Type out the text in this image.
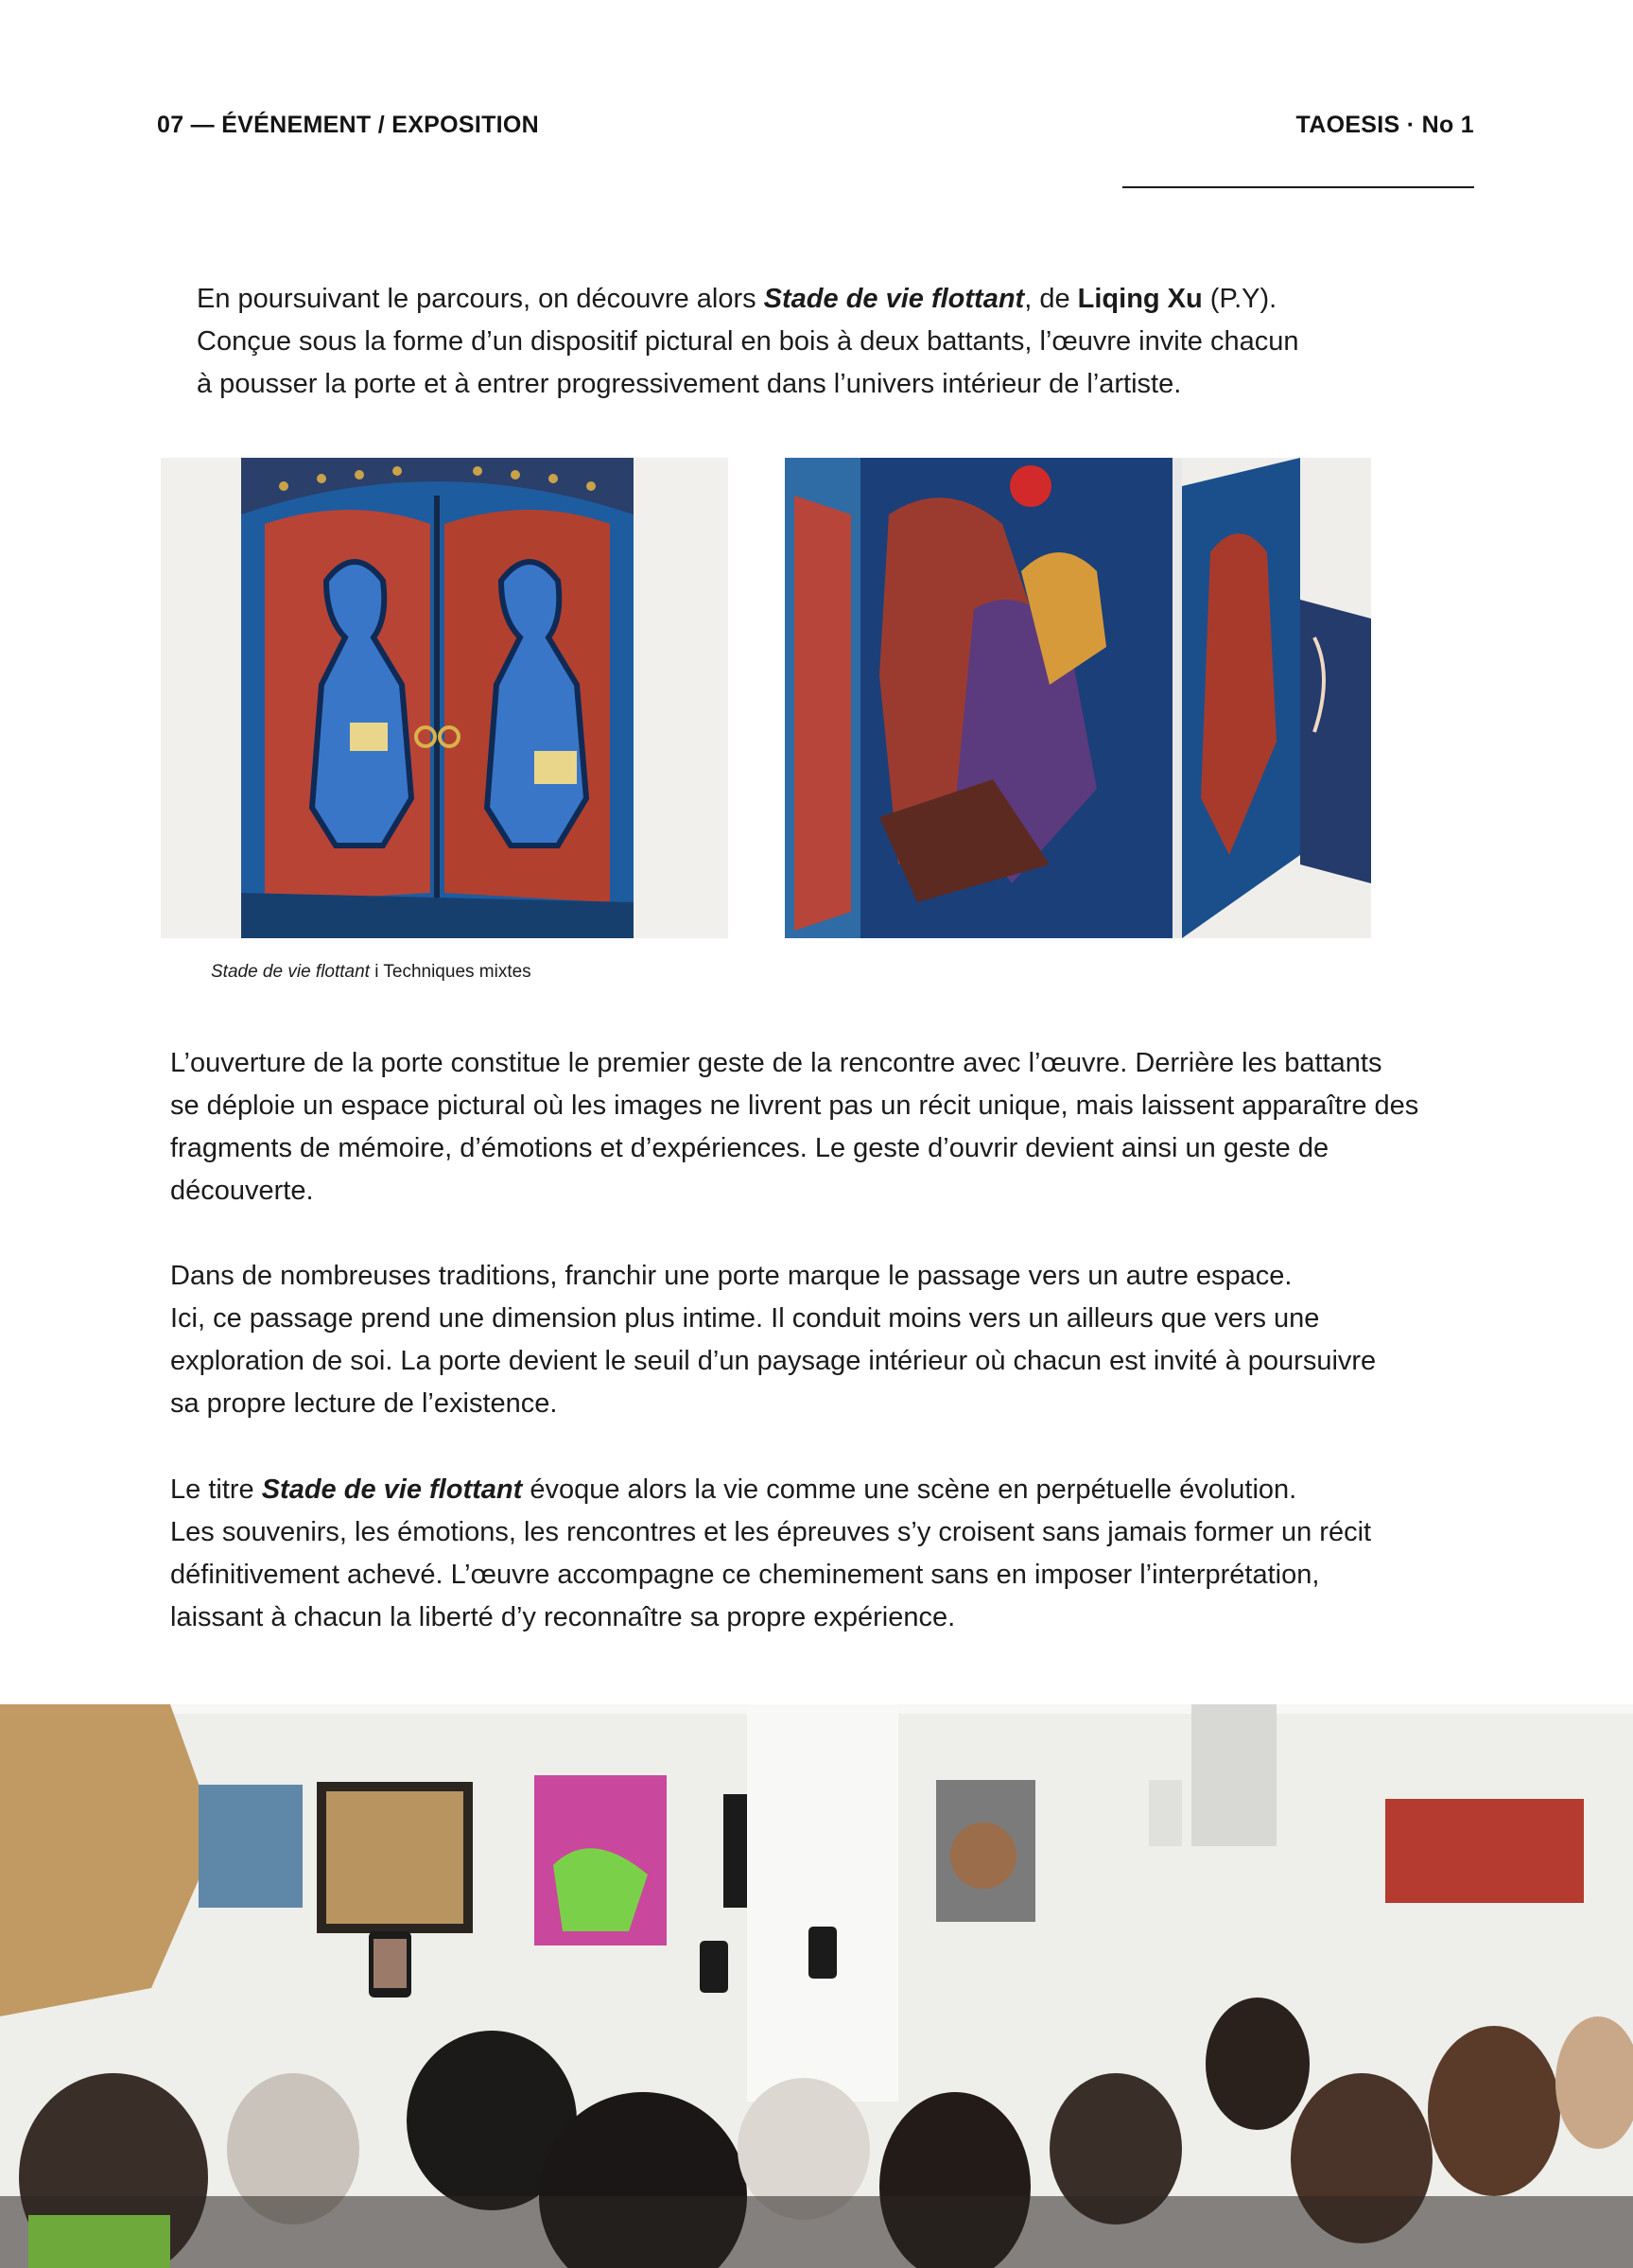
07 — ÉVÉNEMENT / EXPOSITION	TAOESIS · No 1

En poursuivant le parcours, on découvre alors Stade de vie flottant, de Liqing Xu (P.Y).

Conçue sous la forme d’un dispositif pictural en bois à deux battants, l’œuvre invite chacun

à pousser la porte et à entrer progressivement dans l’univers intérieur de l’artiste.

Stade de vie flottant i Techniques mixtes

L’ouverture de la porte constitue le premier geste de la rencontre avec l’œuvre. Derrière les battants

se déploie un espace pictural où les images ne livrent pas un récit unique, mais laissent apparaître des

fragments de mémoire, d’émotions et d’expériences. Le geste d’ouvrir devient ainsi un geste de

découverte.

Dans de nombreuses traditions, franchir une porte marque le passage vers un autre espace.

Ici, ce passage prend une dimension plus intime. Il conduit moins vers un ailleurs que vers une

exploration de soi. La porte devient le seuil d’un paysage intérieur où chacun est invité à poursuivre

sa propre lecture de l’existence.

Le titre Stade de vie flottant évoque alors la vie comme une scène en perpétuelle évolution.

Les souvenirs, les émotions, les rencontres et les épreuves s’y croisent sans jamais former un récit

définitivement achevé. L’œuvre accompagne ce cheminement sans en imposer l’interprétation,

laissant à chacun la liberté d’y reconnaître sa propre expérience.
